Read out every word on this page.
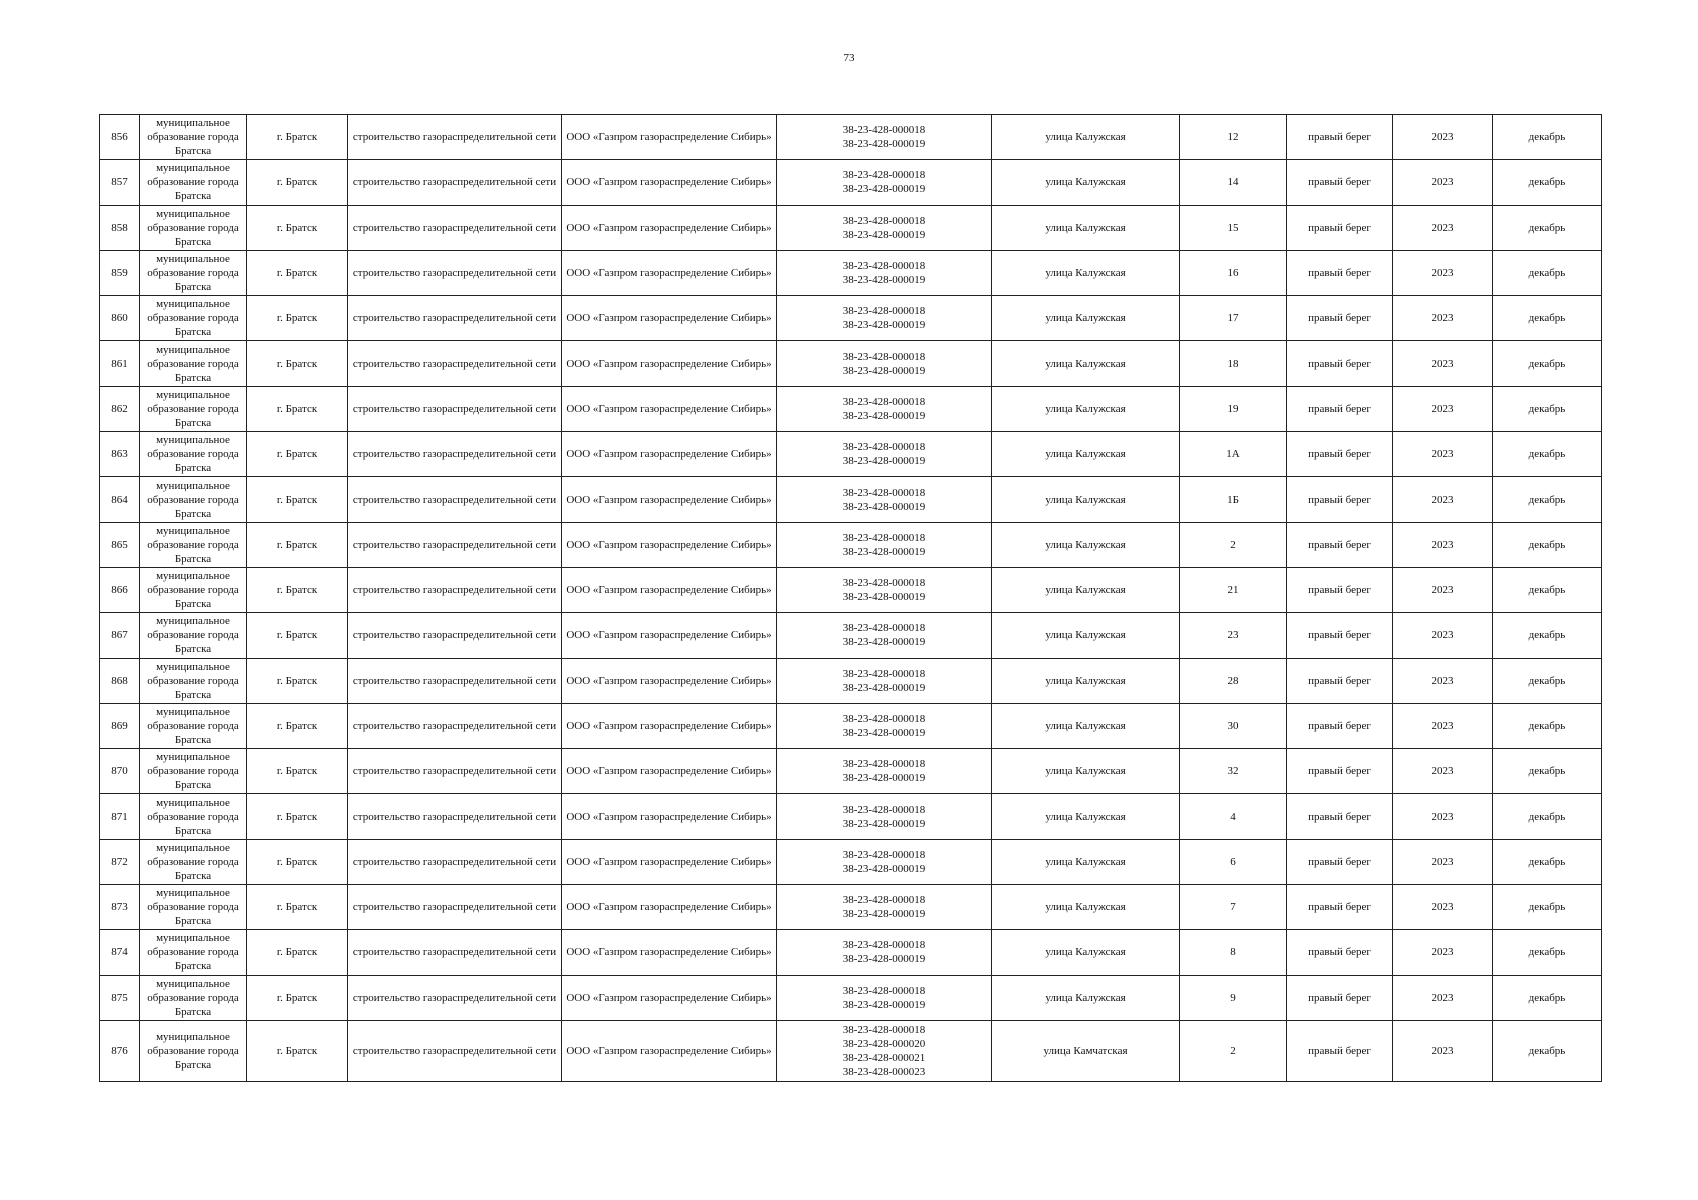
73
856	муниципальное
образование города
Братска	г. Братск	строительство газораспределительной сети	ООО «Газпром газораспределение Сибирь»	38-23-428-000018
38-23-428-000019	улица Калужская	12	правый берег	2023	декабрь
857	муниципальное
образование города
Братска	г. Братск	строительство газораспределительной сети	ООО «Газпром газораспределение Сибирь»	38-23-428-000018
38-23-428-000019	улица Калужская	14	правый берег	2023	декабрь
858	муниципальное
образование города
Братска	г. Братск	строительство газораспределительной сети	ООО «Газпром газораспределение Сибирь»	38-23-428-000018
38-23-428-000019	улица Калужская	15	правый берег	2023	декабрь
859	муниципальное
образование города
Братска	г. Братск	строительство газораспределительной сети	ООО «Газпром газораспределение Сибирь»	38-23-428-000018
38-23-428-000019	улица Калужская	16	правый берег	2023	декабрь
860	муниципальное
образование города
Братска	г. Братск	строительство газораспределительной сети	ООО «Газпром газораспределение Сибирь»	38-23-428-000018
38-23-428-000019	улица Калужская	17	правый берег	2023	декабрь
861	муниципальное
образование города
Братска	г. Братск	строительство газораспределительной сети	ООО «Газпром газораспределение Сибирь»	38-23-428-000018
38-23-428-000019	улица Калужская	18	правый берег	2023	декабрь
862	муниципальное
образование города
Братска	г. Братск	строительство газораспределительной сети	ООО «Газпром газораспределение Сибирь»	38-23-428-000018
38-23-428-000019	улица Калужская	19	правый берег	2023	декабрь
863	муниципальное
образование города
Братска	г. Братск	строительство газораспределительной сети	ООО «Газпром газораспределение Сибирь»	38-23-428-000018
38-23-428-000019	улица Калужская	1А	правый берег	2023	декабрь
864	муниципальное
образование города
Братска	г. Братск	строительство газораспределительной сети	ООО «Газпром газораспределение Сибирь»	38-23-428-000018
38-23-428-000019	улица Калужская	1Б	правый берег	2023	декабрь
865	муниципальное
образование города
Братска	г. Братск	строительство газораспределительной сети	ООО «Газпром газораспределение Сибирь»	38-23-428-000018
38-23-428-000019	улица Калужская	2	правый берег	2023	декабрь
866	муниципальное
образование города
Братска	г. Братск	строительство газораспределительной сети	ООО «Газпром газораспределение Сибирь»	38-23-428-000018
38-23-428-000019	улица Калужская	21	правый берег	2023	декабрь
867	муниципальное
образование города
Братска	г. Братск	строительство газораспределительной сети	ООО «Газпром газораспределение Сибирь»	38-23-428-000018
38-23-428-000019	улица Калужская	23	правый берег	2023	декабрь
868	муниципальное
образование города
Братска	г. Братск	строительство газораспределительной сети	ООО «Газпром газораспределение Сибирь»	38-23-428-000018
38-23-428-000019	улица Калужская	28	правый берег	2023	декабрь
869	муниципальное
образование города
Братска	г. Братск	строительство газораспределительной сети	ООО «Газпром газораспределение Сибирь»	38-23-428-000018
38-23-428-000019	улица Калужская	30	правый берег	2023	декабрь
870	муниципальное
образование города
Братска	г. Братск	строительство газораспределительной сети	ООО «Газпром газораспределение Сибирь»	38-23-428-000018
38-23-428-000019	улица Калужская	32	правый берег	2023	декабрь
871	муниципальное
образование города
Братска	г. Братск	строительство газораспределительной сети	ООО «Газпром газораспределение Сибирь»	38-23-428-000018
38-23-428-000019	улица Калужская	4	правый берег	2023	декабрь
872	муниципальное
образование города
Братска	г. Братск	строительство газораспределительной сети	ООО «Газпром газораспределение Сибирь»	38-23-428-000018
38-23-428-000019	улица Калужская	6	правый берег	2023	декабрь
873	муниципальное
образование города
Братска	г. Братск	строительство газораспределительной сети	ООО «Газпром газораспределение Сибирь»	38-23-428-000018
38-23-428-000019	улица Калужская	7	правый берег	2023	декабрь
874	муниципальное
образование города
Братска	г. Братск	строительство газораспределительной сети	ООО «Газпром газораспределение Сибирь»	38-23-428-000018
38-23-428-000019	улица Калужская	8	правый берег	2023	декабрь
875	муниципальное
образование города
Братска	г. Братск	строительство газораспределительной сети	ООО «Газпром газораспределение Сибирь»	38-23-428-000018
38-23-428-000019	улица Калужская	9	правый берег	2023	декабрь
876	муниципальное
образование города
Братска	г. Братск	строительство газораспределительной сети	ООО «Газпром газораспределение Сибирь»	38-23-428-000018
38-23-428-000020
38-23-428-000021
38-23-428-000023	улица Камчатская	2	правый берег	2023	декабрь
